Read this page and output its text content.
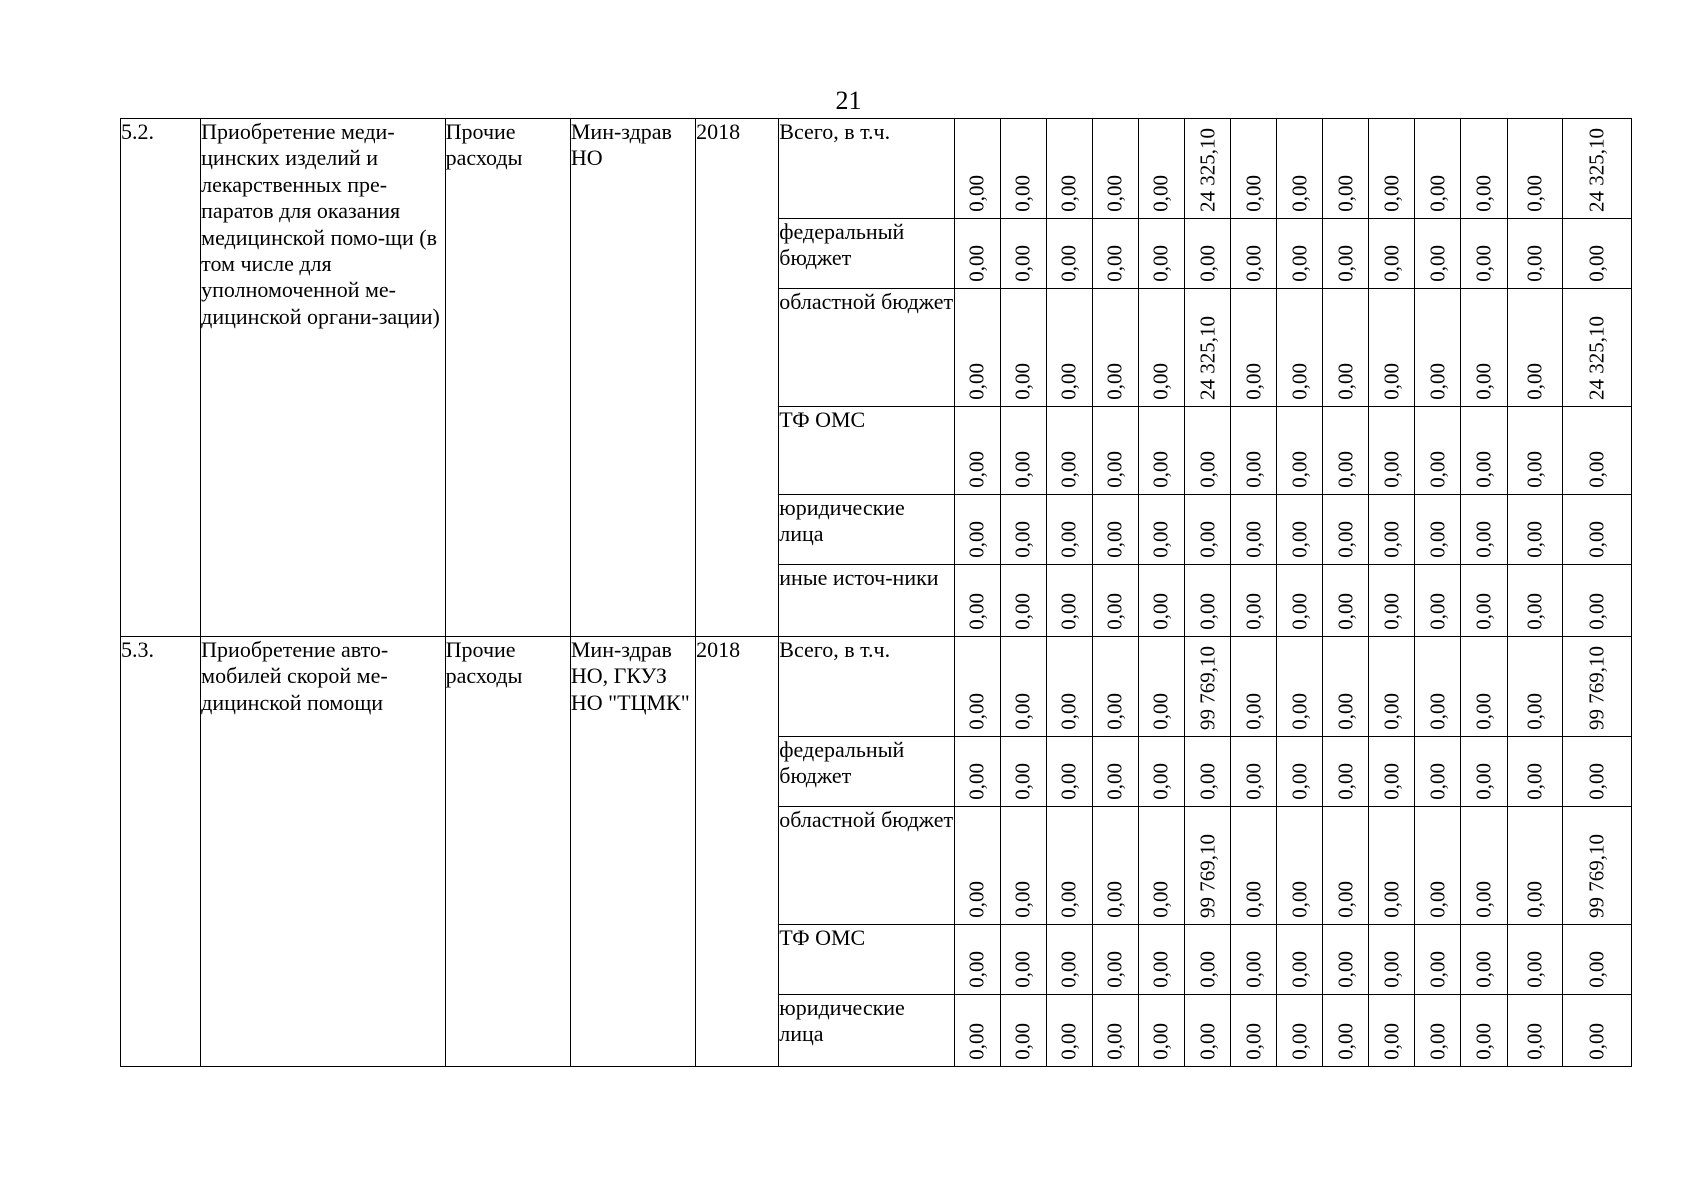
21
5.2.	Приобретение меди-цинских изделий и лекарственных пре-паратов для оказания медицинской помо-щи (в том числе для уполномоченной ме-дицинской органи-зации)	Прочие расходы	Мин-здрав НО	2018	Всего, в т.ч.	0,00	0,00	0,00	0,00	0,00	24 325,10	0,00	0,00	0,00	0,00	0,00	0,00	0,00	24 325,10

					федеральный бюджет	0,00	0,00	0,00	0,00	0,00	0,00	0,00	0,00	0,00	0,00	0,00	0,00	0,00	0,00

					областной бюджет	0,00	0,00	0,00	0,00	0,00	24 325,10	0,00	0,00	0,00	0,00	0,00	0,00	0,00	24 325,10

					ТФ ОМС	0,00	0,00	0,00	0,00	0,00	0,00	0,00	0,00	0,00	0,00	0,00	0,00	0,00	0,00

					юридические лица	0,00	0,00	0,00	0,00	0,00	0,00	0,00	0,00	0,00	0,00	0,00	0,00	0,00	0,00

					иные источ-ники	0,00	0,00	0,00	0,00	0,00	0,00	0,00	0,00	0,00	0,00	0,00	0,00	0,00	0,00

5.3.	Приобретение авто-мобилей скорой ме-дицинской помощи	Прочие расходы	Мин-здрав НО, ГКУЗ НО "ТЦМК"	2018	Всего, в т.ч.	0,00	0,00	0,00	0,00	0,00	99 769,10	0,00	0,00	0,00	0,00	0,00	0,00	0,00	99 769,10

					федеральный бюджет	0,00	0,00	0,00	0,00	0,00	0,00	0,00	0,00	0,00	0,00	0,00	0,00	0,00	0,00

					областной бюджет	0,00	0,00	0,00	0,00	0,00	99 769,10	0,00	0,00	0,00	0,00	0,00	0,00	0,00	99 769,10

					ТФ ОМС	0,00	0,00	0,00	0,00	0,00	0,00	0,00	0,00	0,00	0,00	0,00	0,00	0,00	0,00

					юридические лица	0,00	0,00	0,00	0,00	0,00	0,00	0,00	0,00	0,00	0,00	0,00	0,00	0,00	0,00
